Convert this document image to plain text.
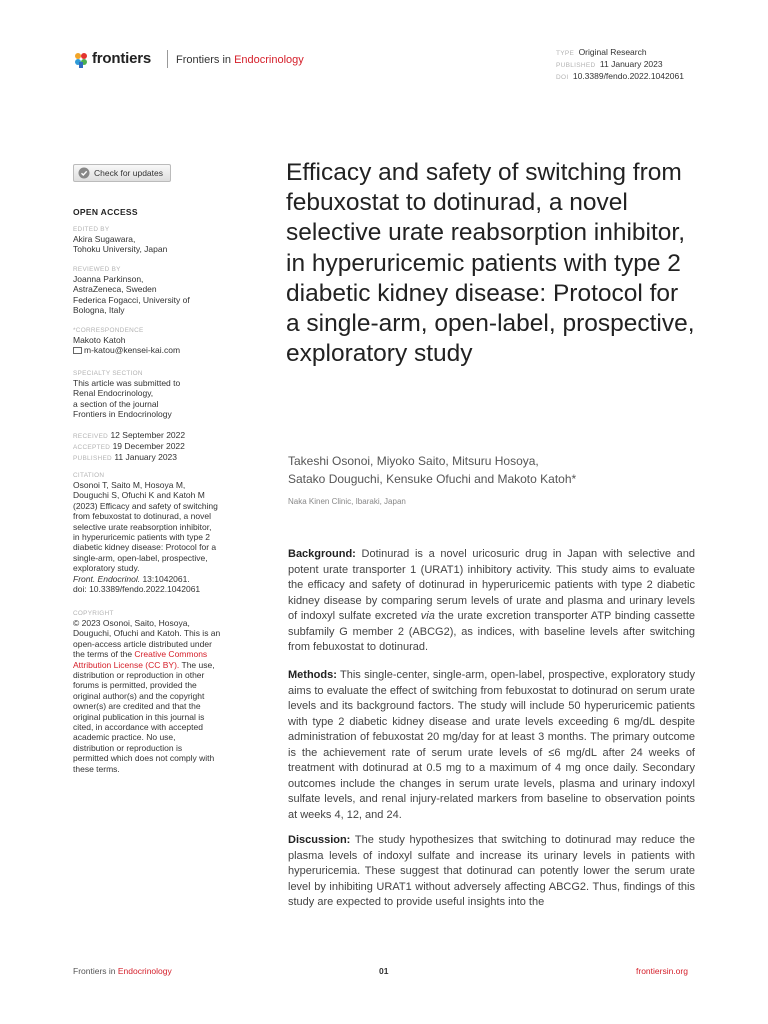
frontiers Frontiers in Endocrinology
TYPE Original Research
PUBLISHED 11 January 2023
DOI 10.3389/fendo.2022.1042061
Check for updates
OPEN ACCESS
EDITED BY
Akira Sugawara,
Tohoku University, Japan
REVIEWED BY
Joanna Parkinson,
AstraZeneca, Sweden
Federica Fogacci, University of
Bologna, Italy
*CORRESPONDENCE
Makoto Katoh
m-katou@kensei-kai.com
SPECIALTY SECTION
This article was submitted to
Renal Endocrinology,
a section of the journal
Frontiers in Endocrinology
RECEIVED 12 September 2022
ACCEPTED 19 December 2022
PUBLISHED 11 January 2023
CITATION
Osonoi T, Saito M, Hosoya M,
Douguchi S, Ofuchi K and Katoh M
(2023) Efficacy and safety of switching
from febuxostat to dotinurad, a novel
selective urate reabsorption inhibitor,
in hyperuricemic patients with type 2
diabetic kidney disease: Protocol for a
single-arm, open-label, prospective,
exploratory study.
Front. Endocrinol. 13:1042061.
doi: 10.3389/fendo.2022.1042061
COPYRIGHT
© 2023 Osonoi, Saito, Hosoya,
Douguchi, Ofuchi and Katoh. This is an
open-access article distributed under
the terms of the Creative Commons
Attribution License (CC BY). The use,
distribution or reproduction in other
forums is permitted, provided the
original author(s) and the copyright
owner(s) are credited and that the
original publication in this journal is
cited, in accordance with accepted
academic practice. No use,
distribution or reproduction is
permitted which does not comply with
these terms.
Efficacy and safety of switching from febuxostat to dotinurad, a novel selective urate reabsorption inhibitor, in hyperuricemic patients with type 2 diabetic kidney disease: Protocol for a single-arm, open-label, prospective, exploratory study
Takeshi Osonoi, Miyoko Saito, Mitsuru Hosoya,
Satako Douguchi, Kensuke Ofuchi and Makoto Katoh*
Naka Kinen Clinic, Ibaraki, Japan

Background: Dotinurad is a novel uricosuric drug in Japan with selective and potent urate transporter 1 (URAT1) inhibitory activity. This study aims to evaluate the efficacy and safety of dotinurad in hyperuricemic patients with type 2 diabetic kidney disease by comparing serum levels of urate and plasma and urinary levels of indoxyl sulfate excreted via the urate excretion transporter ATP binding cassette subfamily G member 2 (ABCG2), as indices, with baseline levels after switching from febuxostat to dotinurad.

Methods: This single-center, single-arm, open-label, prospective, exploratory study aims to evaluate the effect of switching from febuxostat to dotinurad on serum urate levels and its background factors. The study will include 50 hyperuricemic patients with type 2 diabetic kidney disease and urate levels exceeding 6 mg/dL despite administration of febuxostat 20 mg/day for at least 3 months. The primary outcome is the achievement rate of serum urate levels of ≤6 mg/dL after 24 weeks of treatment with dotinurad at 0.5 mg to a maximum of 4 mg once daily. Secondary outcomes include the changes in serum urate levels, plasma and urinary indoxyl sulfate levels, and renal injury-related markers from baseline to observation points at weeks 4, 12, and 24.

Discussion: The study hypothesizes that switching to dotinurad may reduce the plasma levels of indoxyl sulfate and increase its urinary levels in patients with hyperuricemia. These suggest that dotinurad can potently lower the serum urate level by inhibiting URAT1 without adversely affecting ABCG2. Thus, findings of this study are expected to provide useful insights into the

Frontiers in Endocrinology	01	frontiersin.org
